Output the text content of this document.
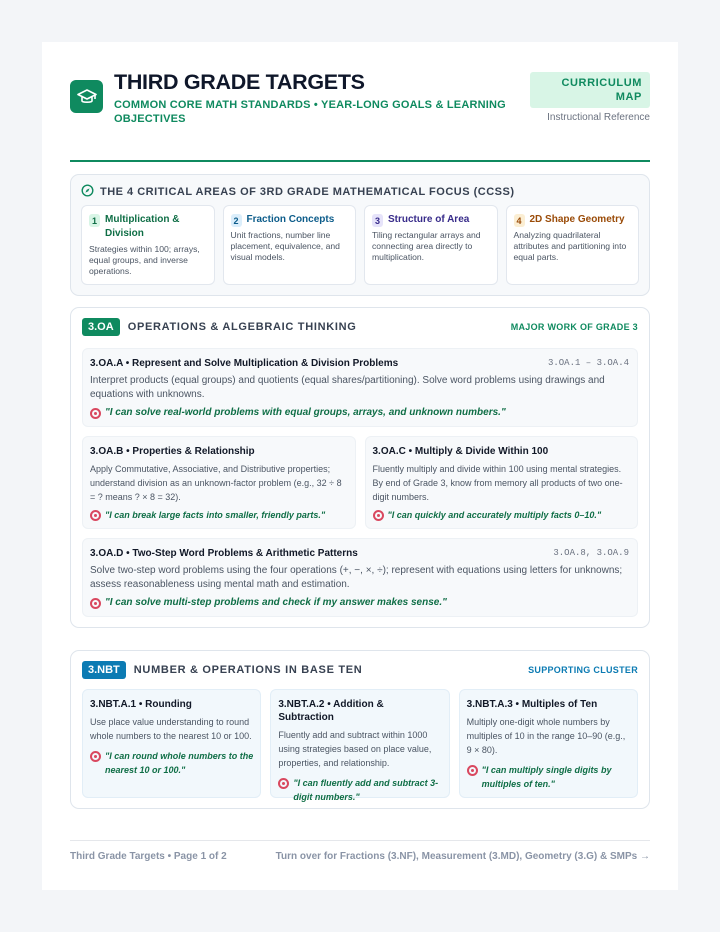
THIRD GRADE TARGETS
COMMON CORE MATH STANDARDS • YEAR-LONG GOALS & LEARNING OBJECTIVES
CURRICULUM MAP
Instructional Reference
THE 4 CRITICAL AREAS OF 3RD GRADE MATHEMATICAL FOCUS (CCSS)
1 Multiplication & Division
Strategies within 100; arrays, equal groups, and inverse operations.
2 Fraction Concepts
Unit fractions, number line placement, equivalence, and visual models.
3 Structure of Area
Tiling rectangular arrays and connecting area directly to multiplication.
4 2D Shape Geometry
Analyzing quadrilateral attributes and partitioning into equal parts.
3.OA	OPERATIONS & ALGEBRAIC THINKING	MAJOR WORK OF GRADE 3
3.OA.A • Represent and Solve Multiplication & Division Problems	3.OA.1 – 3.OA.4
Interpret products (equal groups) and quotients (equal shares/partitioning). Solve word problems using drawings and equations with unknowns.
"I can solve real-world problems with equal groups, arrays, and unknown numbers."
3.OA.B • Properties & Relationship
Apply Commutative, Associative, and Distributive properties; understand division as an unknown-factor problem (e.g., 32 ÷ 8 = ? means ? × 8 = 32).
"I can break large facts into smaller, friendly parts."
3.OA.C • Multiply & Divide Within 100
Fluently multiply and divide within 100 using mental strategies. By end of Grade 3, know from memory all products of two one-digit numbers.
"I can quickly and accurately multiply facts 0–10."
3.OA.D • Two-Step Word Problems & Arithmetic Patterns	3.OA.8, 3.OA.9
Solve two-step word problems using the four operations (+, −, ×, ÷); represent with equations using letters for unknowns; assess reasonableness using mental math and estimation.
"I can solve multi-step problems and check if my answer makes sense."
3.NBT	NUMBER & OPERATIONS IN BASE TEN	SUPPORTING CLUSTER
3.NBT.A.1 • Rounding
Use place value understanding to round whole numbers to the nearest 10 or 100.
"I can round whole numbers to the nearest 10 or 100."
3.NBT.A.2 • Addition & Subtraction
Fluently add and subtract within 1000 using strategies based on place value, properties, and relationship.
"I can fluently add and subtract 3-digit numbers."
3.NBT.A.3 • Multiples of Ten
Multiply one-digit whole numbers by multiples of 10 in the range 10–90 (e.g., 9 × 80).
"I can multiply single digits by multiples of ten."
Third Grade Targets • Page 1 of 2	Turn over for Fractions (3.NF), Measurement (3.MD), Geometry (3.G) & SMPs →
